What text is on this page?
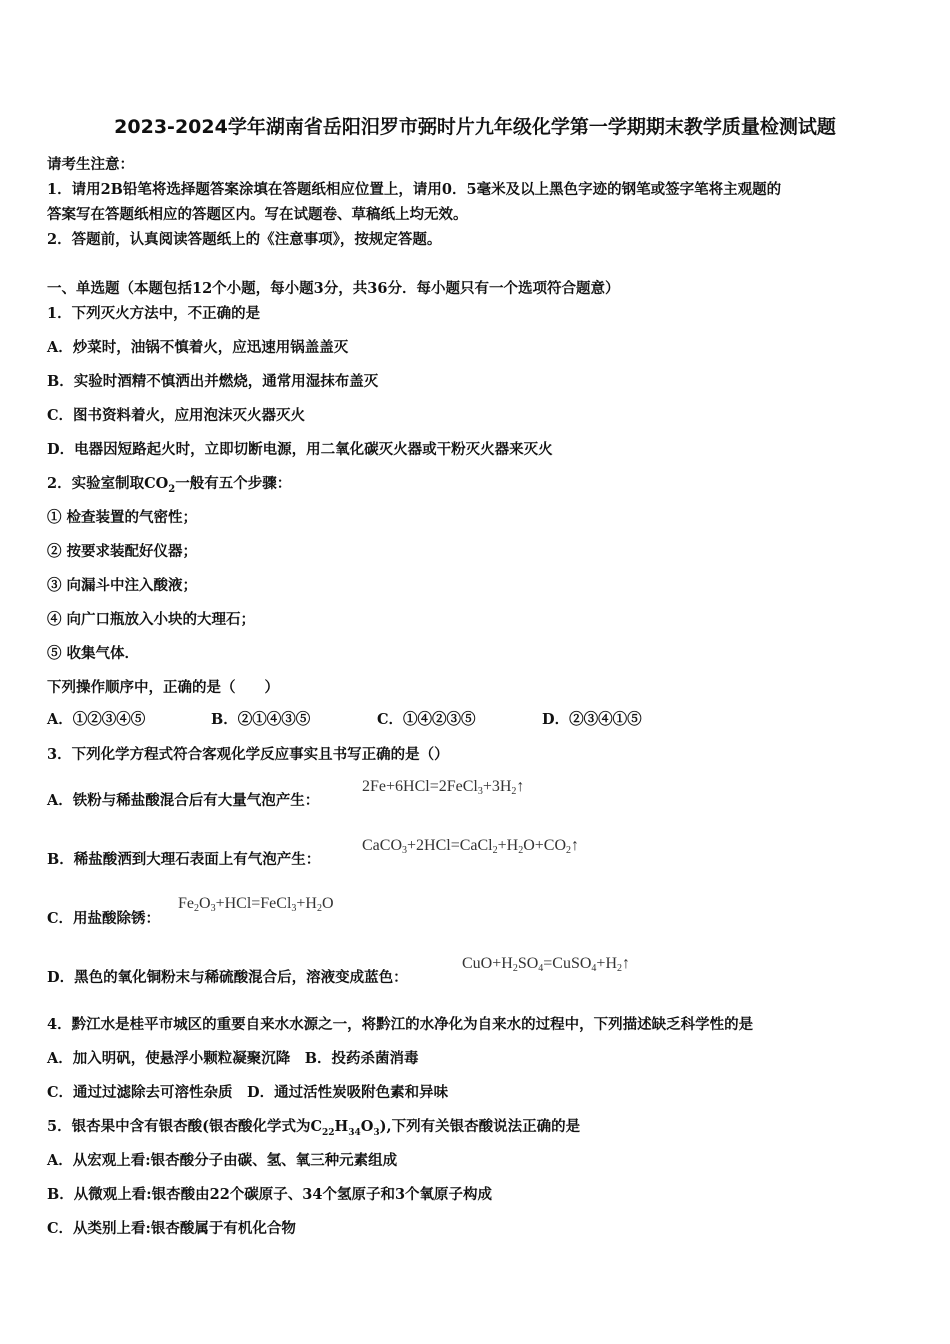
2023-2024学年湖南省岳阳汨罗市弼时片九年级化学第一学期期末教学质量检测试题
请考生注意：
1．请用2B铅笔将选择题答案涂填在答题纸相应位置上，请用0．5毫米及以上黑色字迹的钢笔或签字笔将主观题的
答案写在答题纸相应的答题区内。写在试题卷、草稿纸上均无效。
2．答题前，认真阅读答题纸上的《注意事项》，按规定答题。
一、单选题（本题包括12个小题，每小题3分，共36分．每小题只有一个选项符合题意）
1．下列灭火方法中，不正确的是
A．炒菜时，油锅不慎着火，应迅速用锅盖盖灭
B．实验时酒精不慎洒出并燃烧，通常用湿抹布盖灭
C．图书资料着火，应用泡沫灭火器灭火
D．电器因短路起火时，立即切断电源，用二氧化碳灭火器或干粉灭火器来灭火
2．实验室制取$CO_2$一般有五个步骤：
① 检查装置的气密性；
② 按要求装配好仪器；
③ 向漏斗中注入酸液；
④ 向广口瓶放入小块的大理石；
⑤ 收集气体．
下列操作顺序中，正确的是（　　）
A．①②③④⑤	B．②①④③⑤	C．①④②③⑤	D．②③④①⑤
3．下列化学方程式符合客观化学反应事实且书写正确的是（）
A．铁粉与稀盐酸混合后有大量气泡产生：
$2Fe+6HCl=2FeCl_3+3H_2↑$
B．稀盐酸洒到大理石表面上有气泡产生：
$CaCO_3+2HCl=CaCl_2+H_2O+CO_2↑$
C．用盐酸除锈：
$Fe_2O_3+HCl=FeCl_3+H_2O$
D．黑色的氧化铜粉末与稀硫酸混合后，溶液变成蓝色：
$CuO+H_2SO_4=CuSO_4+H_2↑$
4．黔江水是桂平市城区的重要自来水水源之一，将黔江的水净化为自来水的过程中，下列描述缺乏科学性的是
A．加入明矾，使悬浮小颗粒凝聚沉降　B．投药杀菌消毒
C．通过过滤除去可溶性杂质　D．通过活性炭吸附色素和异味
5．银杏果中含有银杏酸(银杏酸化学式为$C_{22}H_{34}O_3$),下列有关银杏酸说法正确的是
A．从宏观上看:银杏酸分子由碳、氢、氧三种元素组成
B．从微观上看:银杏酸由22个碳原子、34个氢原子和3个氧原子构成
C．从类别上看:银杏酸属于有机化合物
